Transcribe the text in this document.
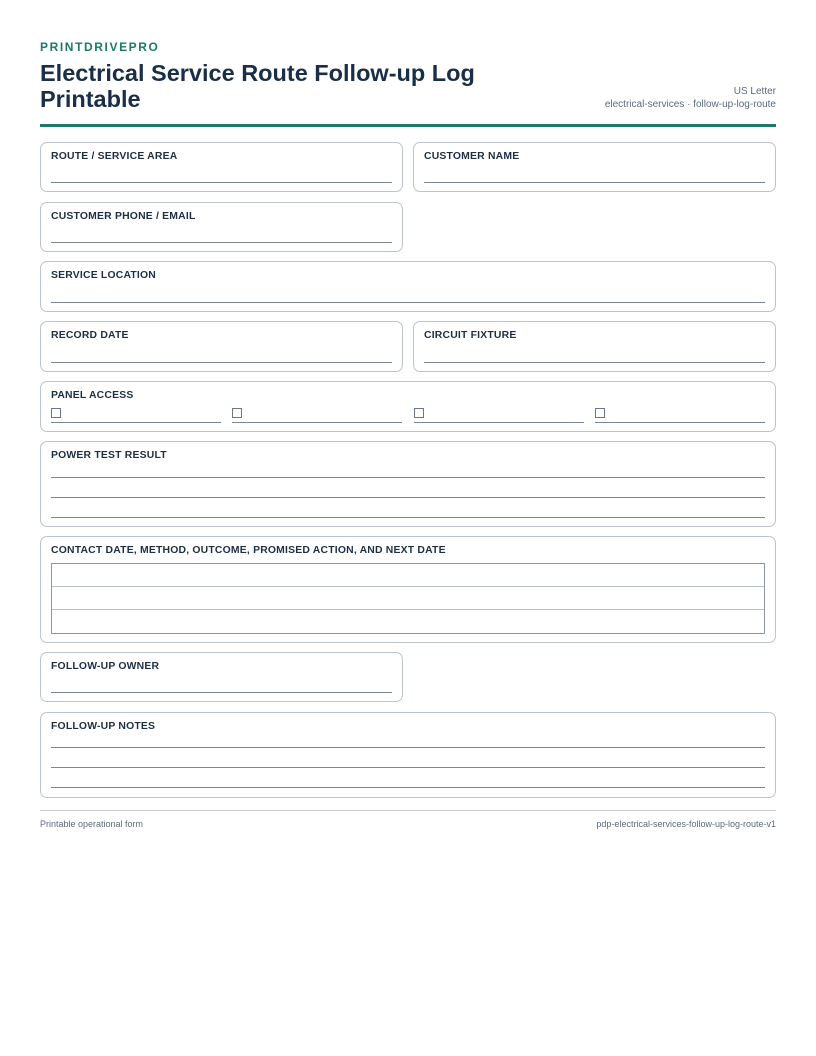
PRINTDRIVEPRO
Electrical Service Route Follow-up Log Printable	US Letter
electrical-services · follow-up-log-route
ROUTE / SERVICE AREA	CUSTOMER NAME
CUSTOMER PHONE / EMAIL
SERVICE LOCATION
RECORD DATE	CIRCUIT FIXTURE
PANEL ACCESS
POWER TEST RESULT
CONTACT DATE, METHOD, OUTCOME, PROMISED ACTION, AND NEXT DATE
FOLLOW-UP OWNER
FOLLOW-UP NOTES
Printable operational form	pdp-electrical-services-follow-up-log-route-v1
